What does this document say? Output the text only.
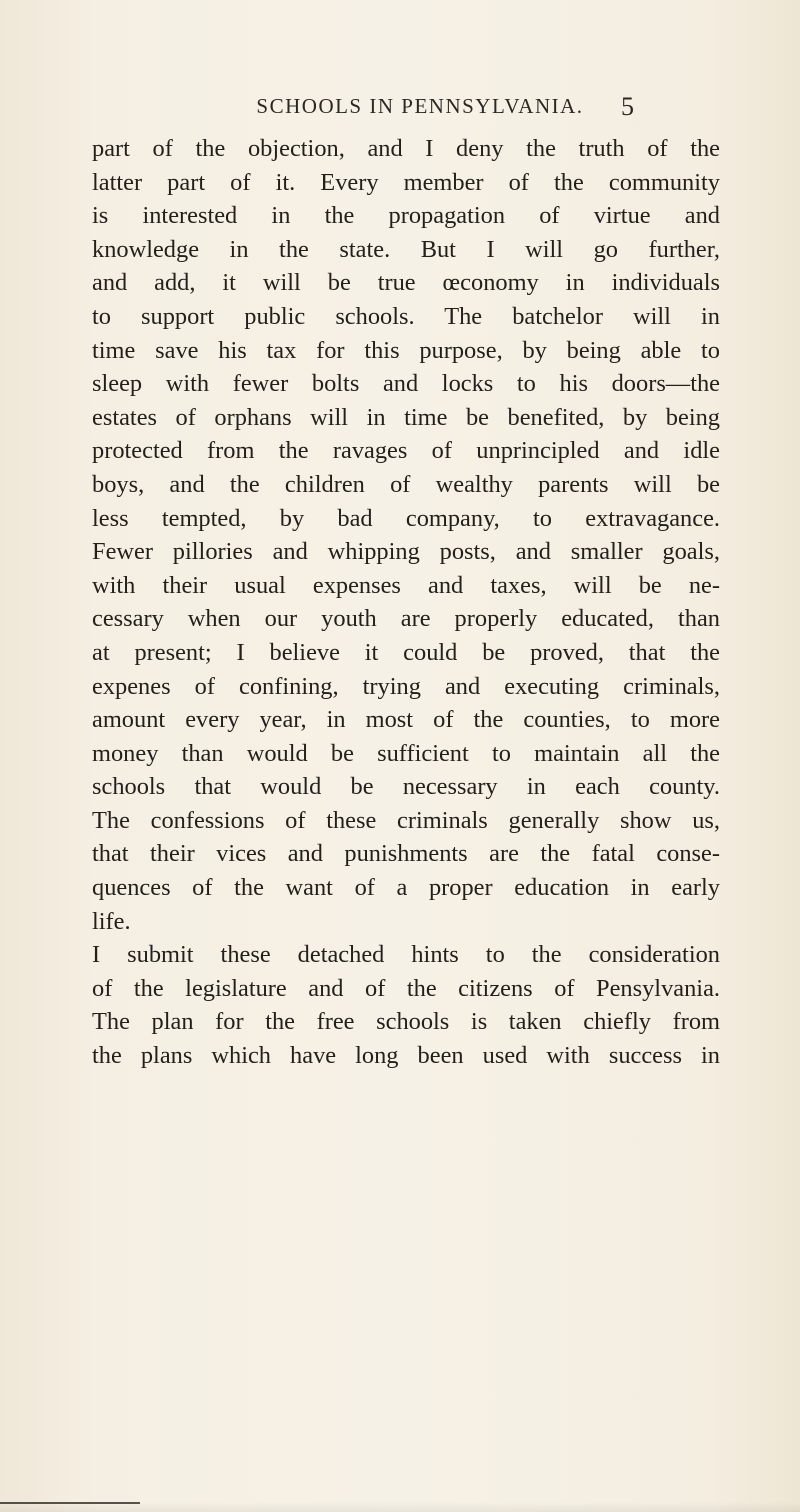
SCHOOLS IN PENNSYLVANIA.	5
part of the objection, and I deny the truth of the
latter part of it. Every member of the community
is interested in the propagation of virtue and
knowledge in the state. But I will go further,
and add, it will be true œconomy in individuals
to support public schools. The batchelor will in
time save his tax for this purpose, by being able to
sleep with fewer bolts and locks to his doors—the
estates of orphans will in time be benefited, by being
protected from the ravages of unprincipled and idle
boys, and the children of wealthy parents will be
less tempted, by bad company, to extravagance.
Fewer pillories and whipping posts, and smaller goals,
with their usual expenses and taxes, will be ne-
cessary when our youth are properly educated, than
at present; I believe it could be proved, that the
expenes of confining, trying and executing criminals,
amount every year, in most of the counties, to more
money than would be sufficient to maintain all the
schools that would be necessary in each county.
The confessions of these criminals generally show us,
that their vices and punishments are the fatal conse-
quences of the want of a proper education in early
life.
I submit these detached hints to the consideration
of the legislature and of the citizens of Pensylvania.
The plan for the free schools is taken chiefly from
the plans which have long been used with success in
